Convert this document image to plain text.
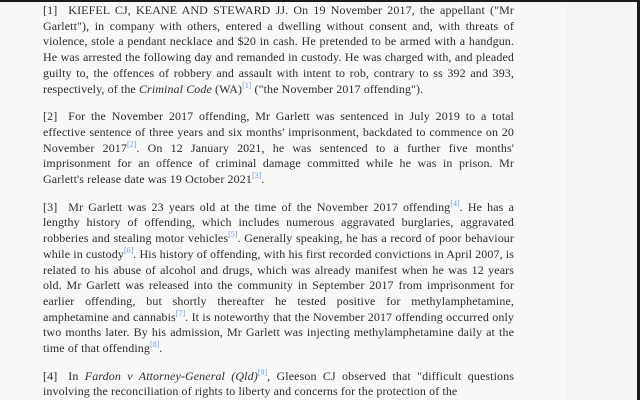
[1] KIEFEL CJ, KEANE AND STEWARD JJ. On 19 November 2017, the appellant ("Mr Garlett"), in company with others, entered a dwelling without consent and, with threats of violence, stole a pendant necklace and $20 in cash. He pretended to be armed with a handgun. He was arrested the following day and remanded in custody. He was charged with, and pleaded guilty to, the offences of robbery and assault with intent to rob, contrary to ss 392 and 393, respectively, of the Criminal Code (WA)[1] ("the November 2017 offending").

[2] For the November 2017 offending, Mr Garlett was sentenced in July 2019 to a total effective sentence of three years and six months' imprisonment, backdated to commence on 20 November 2017[2]. On 12 January 2021, he was sentenced to a further five months' imprisonment for an offence of criminal damage committed while he was in prison. Mr Garlett's release date was 19 October 2021[3].

[3] Mr Garlett was 23 years old at the time of the November 2017 offending[4]. He has a lengthy history of offending, which includes numerous aggravated burglaries, aggravated robberies and stealing motor vehicles[5]. Generally speaking, he has a record of poor behaviour while in custody[6]. His history of offending, with his first recorded convictions in April 2007, is related to his abuse of alcohol and drugs, which was already manifest when he was 12 years old. Mr Garlett was released into the community in September 2017 from imprisonment for earlier offending, but shortly thereafter he tested positive for methylamphetamine, amphetamine and cannabis[7]. It is noteworthy that the November 2017 offending occurred only two months later. By his admission, Mr Garlett was injecting methylamphetamine daily at the time of that offending[8].

[4] In Fardon v Attorney-General (Qld)[9], Gleeson CJ observed that "difficult questions involving the reconciliation of rights to liberty and concerns for the protection of the
